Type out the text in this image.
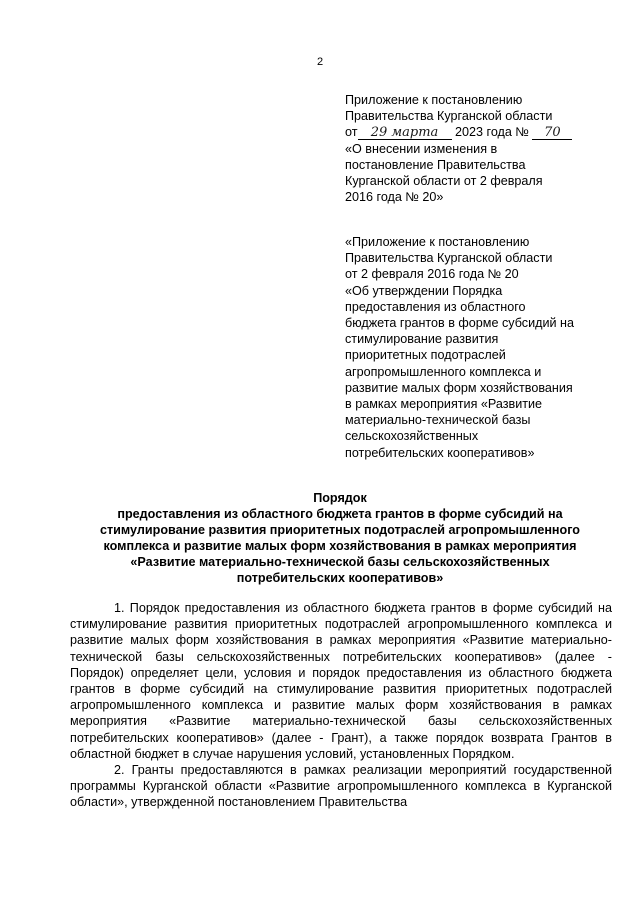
2
Приложение к постановлению
Правительства Курганской области
от 29 марта 2023 года № 70
«О внесении изменения в
постановление Правительства
Курганской области от 2 февраля
2016 года № 20»
«Приложение к постановлению
Правительства Курганской области
от 2 февраля 2016 года № 20
«Об утверждении Порядка
предоставления из областного
бюджета грантов в форме субсидий на
стимулирование развития
приоритетных подотраслей
агропромышленного комплекса и
развитие малых форм хозяйствования
в рамках мероприятия «Развитие
материально-технической базы
сельскохозяйственных
потребительских кооперативов»
Порядок
предоставления из областного бюджета грантов в форме субсидий на
стимулирование развития приоритетных подотраслей агропромышленного
комплекса и развитие малых форм хозяйствования в рамках мероприятия
«Развитие материально-технической базы сельскохозяйственных
потребительских кооперативов»

1. Порядок предоставления из областного бюджета грантов в форме субсидий на стимулирование развития приоритетных подотраслей агропромышленного комплекса и развитие малых форм хозяйствования в рамках мероприятия «Развитие материально-технической базы сельскохозяйственных потребительских кооперативов» (далее - Порядок) определяет цели, условия и порядок предоставления из областного бюджета грантов в форме субсидий на стимулирование развития приоритетных подотраслей агропромышленного комплекса и развитие малых форм хозяйствования в рамках мероприятия «Развитие материально-технической базы сельскохозяйственных потребительских кооперативов» (далее - Грант), а также порядок возврата Грантов в областной бюджет в случае нарушения условий, установленных Порядком.

2. Гранты предоставляются в рамках реализации мероприятий государственной программы Курганской области «Развитие агропромышленного комплекса в Курганской области», утвержденной постановлением Правительства
